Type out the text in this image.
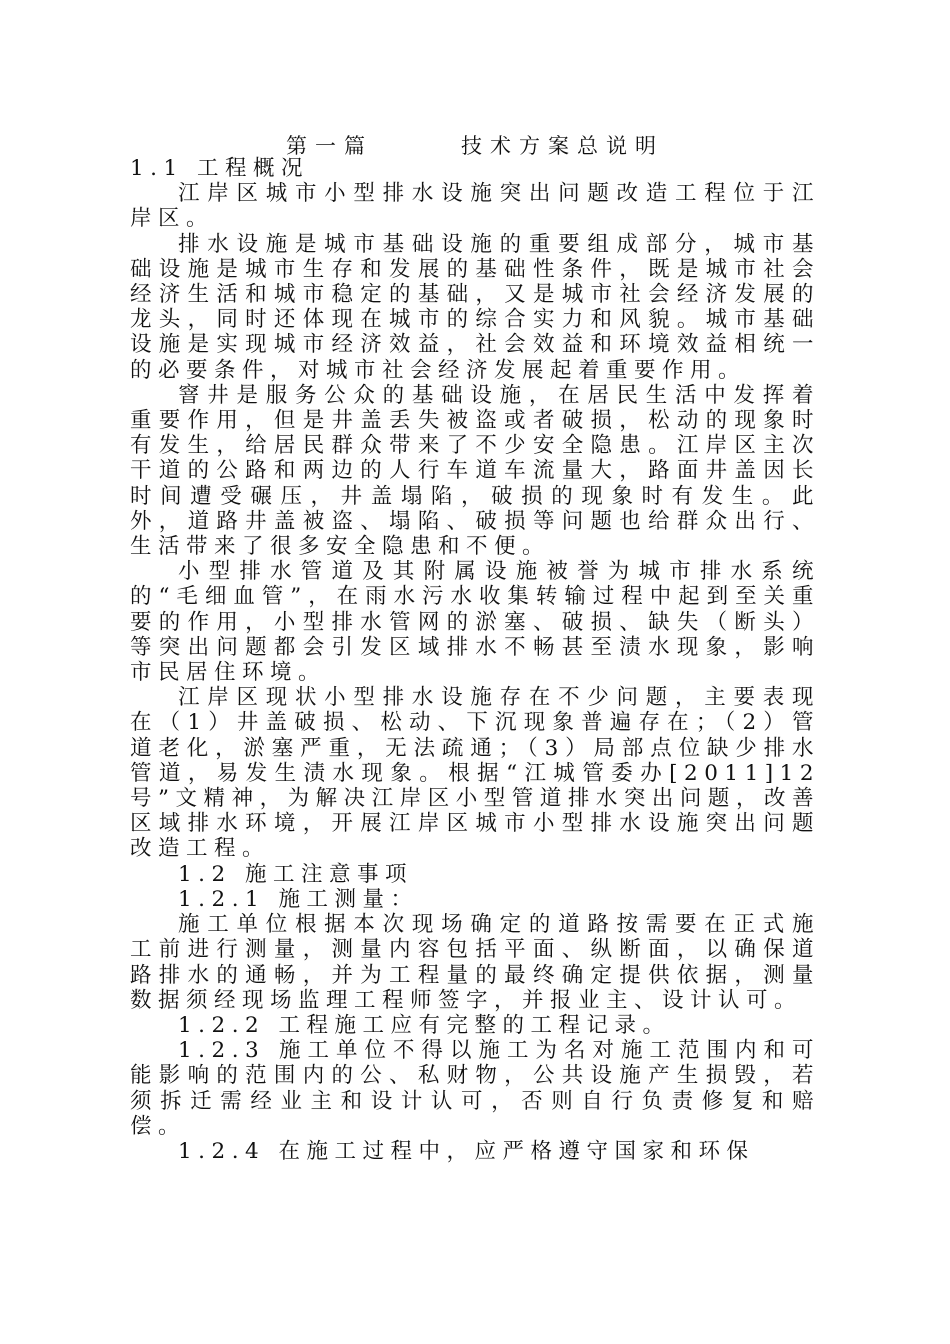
第一篇      技术方案总说明

1.1 工程概况

江岸区城市小型排水设施突出问题改造工程位于江岸区。

排水设施是城市基础设施的重要组成部分，城市基础设施是城市生存和发展的基础性条件，既是城市社会经济生活和城市稳定的基础，又是城市社会经济发展的龙头，同时还体现在城市的综合实力和风貌。城市基础设施是实现城市经济效益，社会效益和环境效益相统一的必要条件，对城市社会经济发展起着重要作用。

窨井是服务公众的基础设施，在居民生活中发挥着重要作用，但是井盖丢失被盗或者破损，松动的现象时有发生，给居民群众带来了不少安全隐患。江岸区主次干道的公路和两边的人行车道车流量大，路面井盖因长时间遭受碾压，井盖塌陷，破损的现象时有发生。此外，道路井盖被盗、塌陷、破损等问题也给群众出行、生活带来了很多安全隐患和不便。

小型排水管道及其附属设施被誉为城市排水系统的“毛细血管”，在雨水污水收集转输过程中起到至关重要的作用，小型排水管网的淤塞、破损、缺失（断头）等突出问题都会引发区域排水不畅甚至渍水现象，影响市民居住环境。

江岸区现状小型排水设施存在不少问题，主要表现在（1）井盖破损、松动、下沉现象普遍存在；（2）管道老化，淤塞严重，无法疏通；（3）局部点位缺少排水管道，易发生渍水现象。根据“江城管委办[2011]12号”文精神，为解决江岸区小型管道排水突出问题，改善区域排水环境，开展江岸区城市小型排水设施突出问题改造工程。

1.2 施工注意事项

1.2.1 施工测量：

施工单位根据本次现场确定的道路按需要在正式施工前进行测量，测量内容包括平面、纵断面，以确保道路排水的通畅，并为工程量的最终确定提供依据，测量数据须经现场监理工程师签字，并报业主、设计认可。

1.2.2 工程施工应有完整的工程记录。

1.2.3 施工单位不得以施工为名对施工范围内和可能影响的范围内的公、私财物，公共设施产生损毁，若须拆迁需经业主和设计认可，否则自行负责修复和赔偿。

1.2.4 在施工过程中，应严格遵守国家和环保
